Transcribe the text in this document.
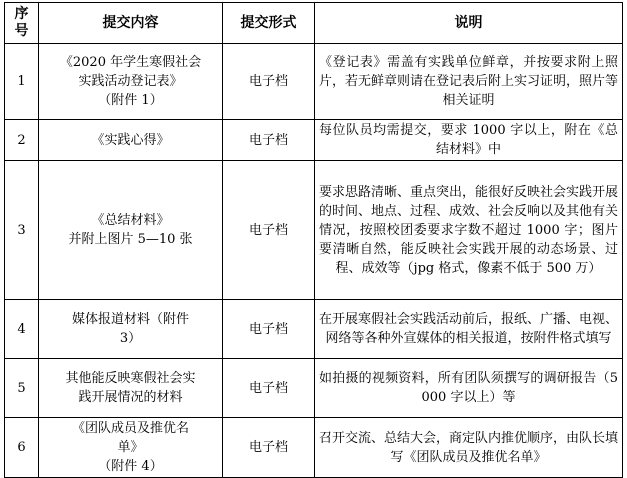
序
号	提交内容	提交形式	说明
1	《2020 年学生寒假社会
实践活动登记表》
（附件 1）	电子档	《登记表》需盖有实践单位鲜章，并按要求附上照片，若无鲜章则请在登记表后附上实习证明，照片等相关证明
2	《实践心得》	电子档	每位队员均需提交，要求 1000 字以上，附在《总结材料》中
3	《总结材料》
并附上图片 5—10 张	电子档	要求思路清晰、重点突出，能很好反映社会实践开展的时间、地点、过程、成效、社会反响以及其他有关情况，按照校团委要求字数不超过 1000 字；图片要清晰自然，能反映社会实践开展的动态场景、过程、成效等（jpg 格式，像素不低于 500 万）
4	媒体报道材料（附件
3）	电子档	在开展寒假社会实践活动前后，报纸、广播、电视、网络等各种外宣媒体的相关报道，按附件格式填写
5	其他能反映寒假社会实
践开展情况的材料	电子档	如拍摄的视频资料，所有团队须撰写的调研报告（5000 字以上）等
6	《团队成员及推优名
单》
（附件 4）	电子档	召开交流、总结大会，商定队内推优顺序，由队长填写《团队成员及推优名单》
